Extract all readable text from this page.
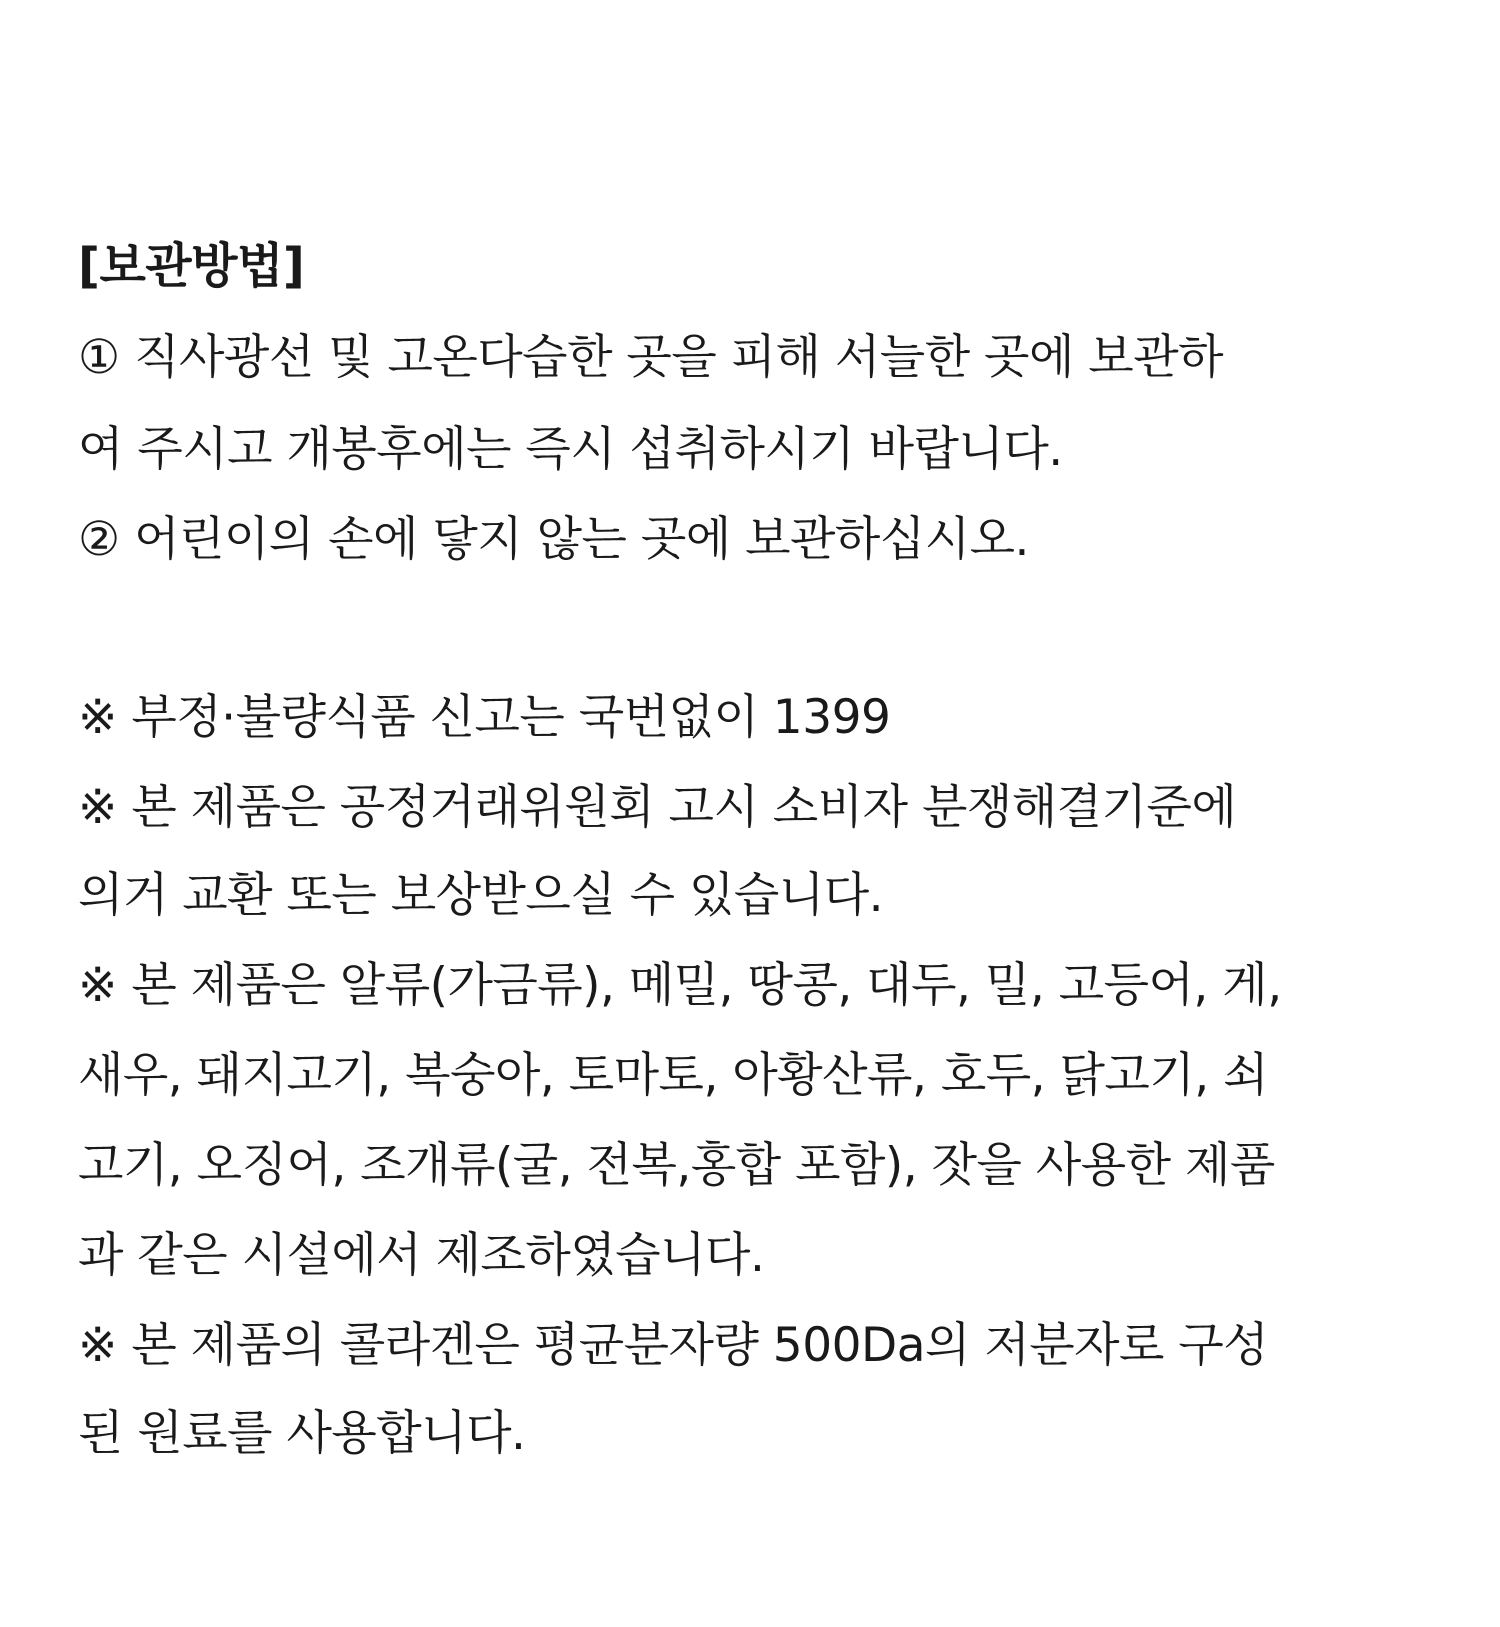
[보관방법]
① 직사광선 및 고온다습한 곳을 피해 서늘한 곳에 보관하
여 주시고 개봉후에는 즉시 섭취하시기 바랍니다.
② 어린이의 손에 닿지 않는 곳에 보관하십시오.
※ 부정·불량식품 신고는 국번없이 1399
※ 본 제품은 공정거래위원회 고시 소비자 분쟁해결기준에
의거 교환 또는 보상받으실 수 있습니다.
※ 본 제품은 알류(가금류), 메밀, 땅콩, 대두, 밀, 고등어, 게,
새우, 돼지고기, 복숭아, 토마토, 아황산류, 호두, 닭고기, 쇠
고기, 오징어, 조개류(굴, 전복,홍합 포함), 잣을 사용한 제품
과 같은 시설에서 제조하였습니다.
※ 본 제품의 콜라겐은 평균분자량 500Da의 저분자로 구성
된 원료를 사용합니다.
